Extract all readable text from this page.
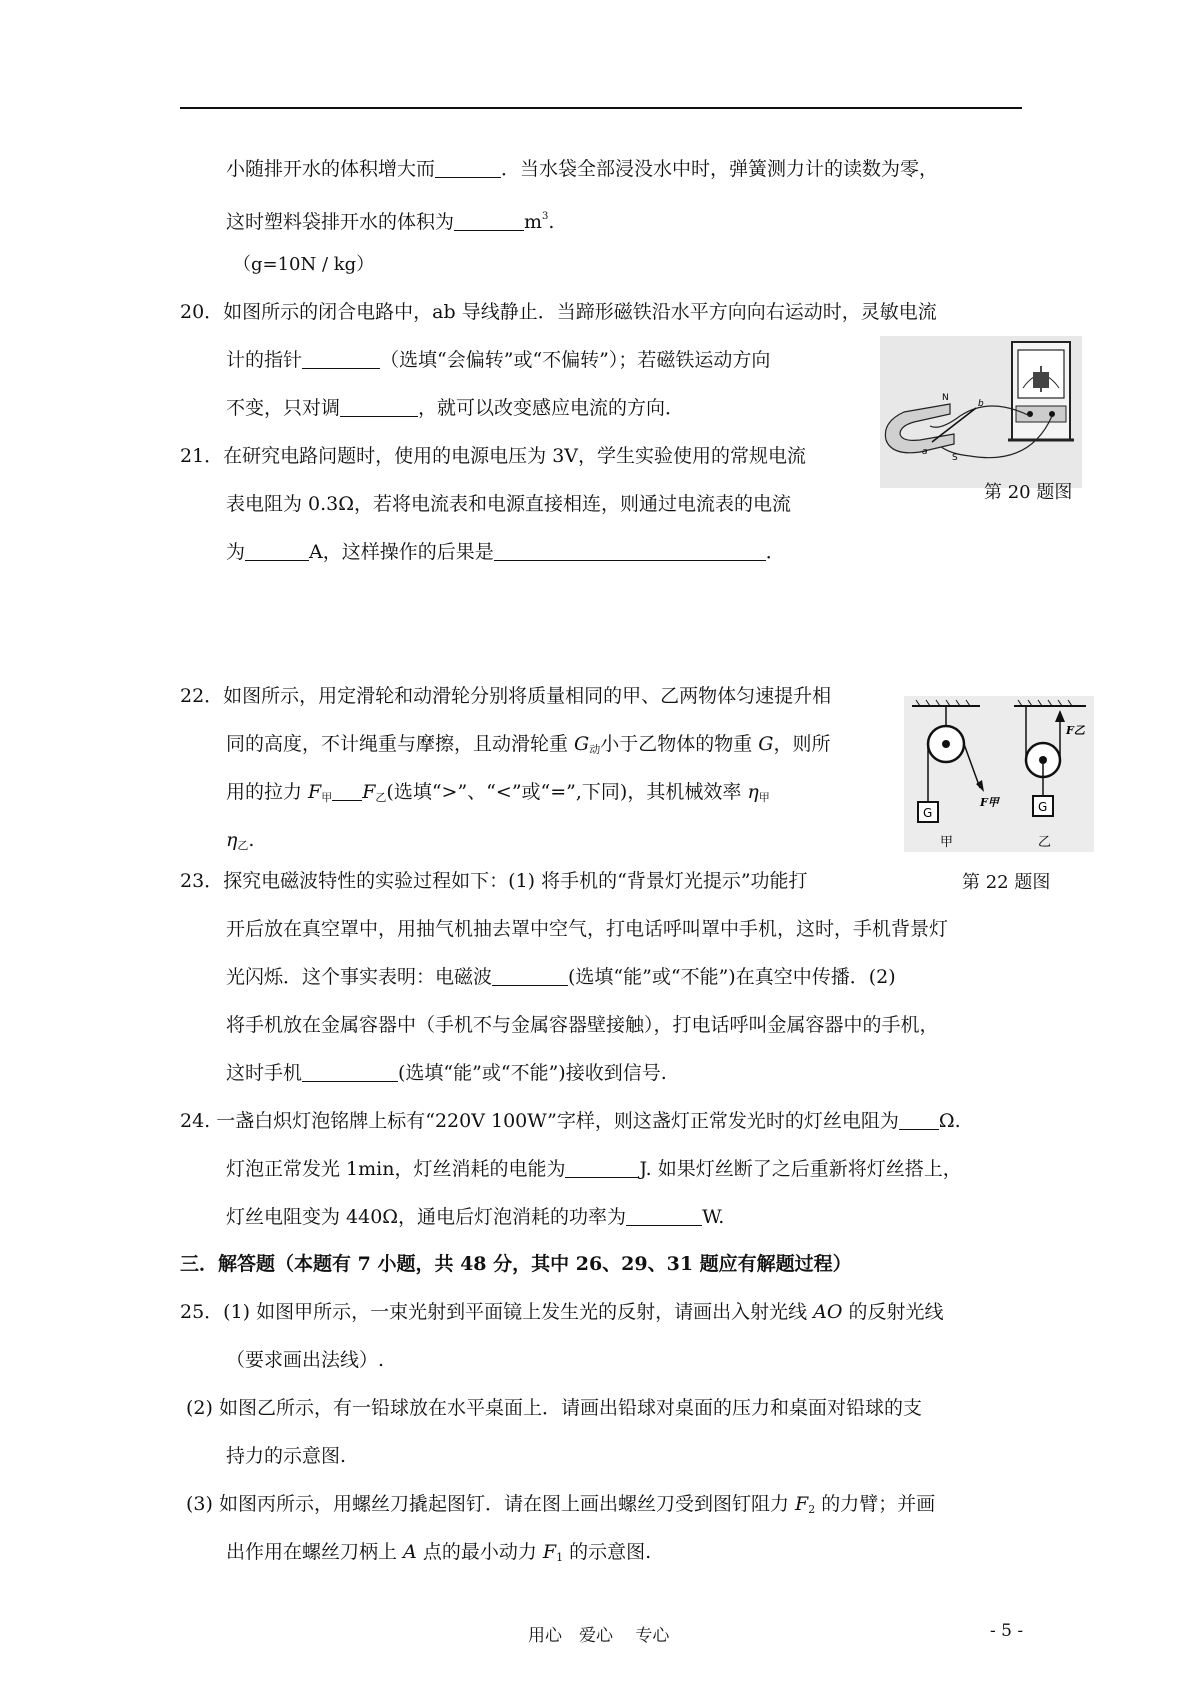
小随排开水的体积增大而	．当水袋全部浸没水中时，弹簧测力计的读数为零，
这时塑料袋排开水的体积为	$m^3$.
（g=10N / kg）
20．如图所示的闭合电路中，ab 导线静止．当蹄形磁铁沿水平方向向右运动时，灵敏电流
计的指针	（选填“会偏转”或“不偏转”）；若磁铁运动方向
不变，只对调	，就可以改变感应电流的方向．	N
S
a
b
第 20 题图
21．在研究电路问题时，使用的电源电压为 3V，学生实验使用的常规电流
表电阻为 0.3Ω，若将电流表和电源直接相连，则通过电流表的电流
为	A，这样操作的后果是	．
22．如图所示，用定滑轮和动滑轮分别将质量相同的甲、乙两物体匀速提升相
同的高度，不计绳重与摩擦，且动滑轮重 $G_动$小于乙物体的物重 G，则所
用的拉力 $F_甲$ $F_乙$(选填“>”、“<”或“=”,下同)，其机械效率 $\eta_甲$
$\eta_乙$.
F甲
G
甲
F乙
G
乙
第 22 题图
23．探究电磁波特性的实验过程如下：(1) 将手机的“背景灯光提示”功能打
开后放在真空罩中，用抽气机抽去罩中空气，打电话呼叫罩中手机，这时，手机背景灯
光闪烁．这个事实表明：电磁波	(选填“能”或“不能”)在真空中传播．(2)
将手机放在金属容器中（手机不与金属容器壁接触），打电话呼叫金属容器中的手机，
这时手机	(选填“能”或“不能”)接收到信号.
24. 一盏白炽灯泡铭牌上标有“220V 100W”字样，则这盏灯正常发光时的灯丝电阻为 Ω.
灯泡正常发光 1min，灯丝消耗的电能为	J. 如果灯丝断了之后重新将灯丝搭上，
灯丝电阻变为 440Ω，通电后灯泡消耗的功率为	W.
三．解答题（本题有 7 小题，共 48 分，其中 26、29、31 题应有解题过程）
25．(1) 如图甲所示，一束光射到平面镜上发生光的反射，请画出入射光线 AO 的反射光线
（要求画出法线）.
(2) 如图乙所示，有一铅球放在水平桌面上．请画出铅球对桌面的压力和桌面对铅球的支
持力的示意图.
(3) 如图丙所示，用螺丝刀撬起图钉．请在图上画出螺丝刀受到图钉阻力 $F_2$ 的力臂；并画
出作用在螺丝刀柄上 A 点的最小动力 $F_1$ 的示意图.
用心　爱心　 专心	- 5 -
